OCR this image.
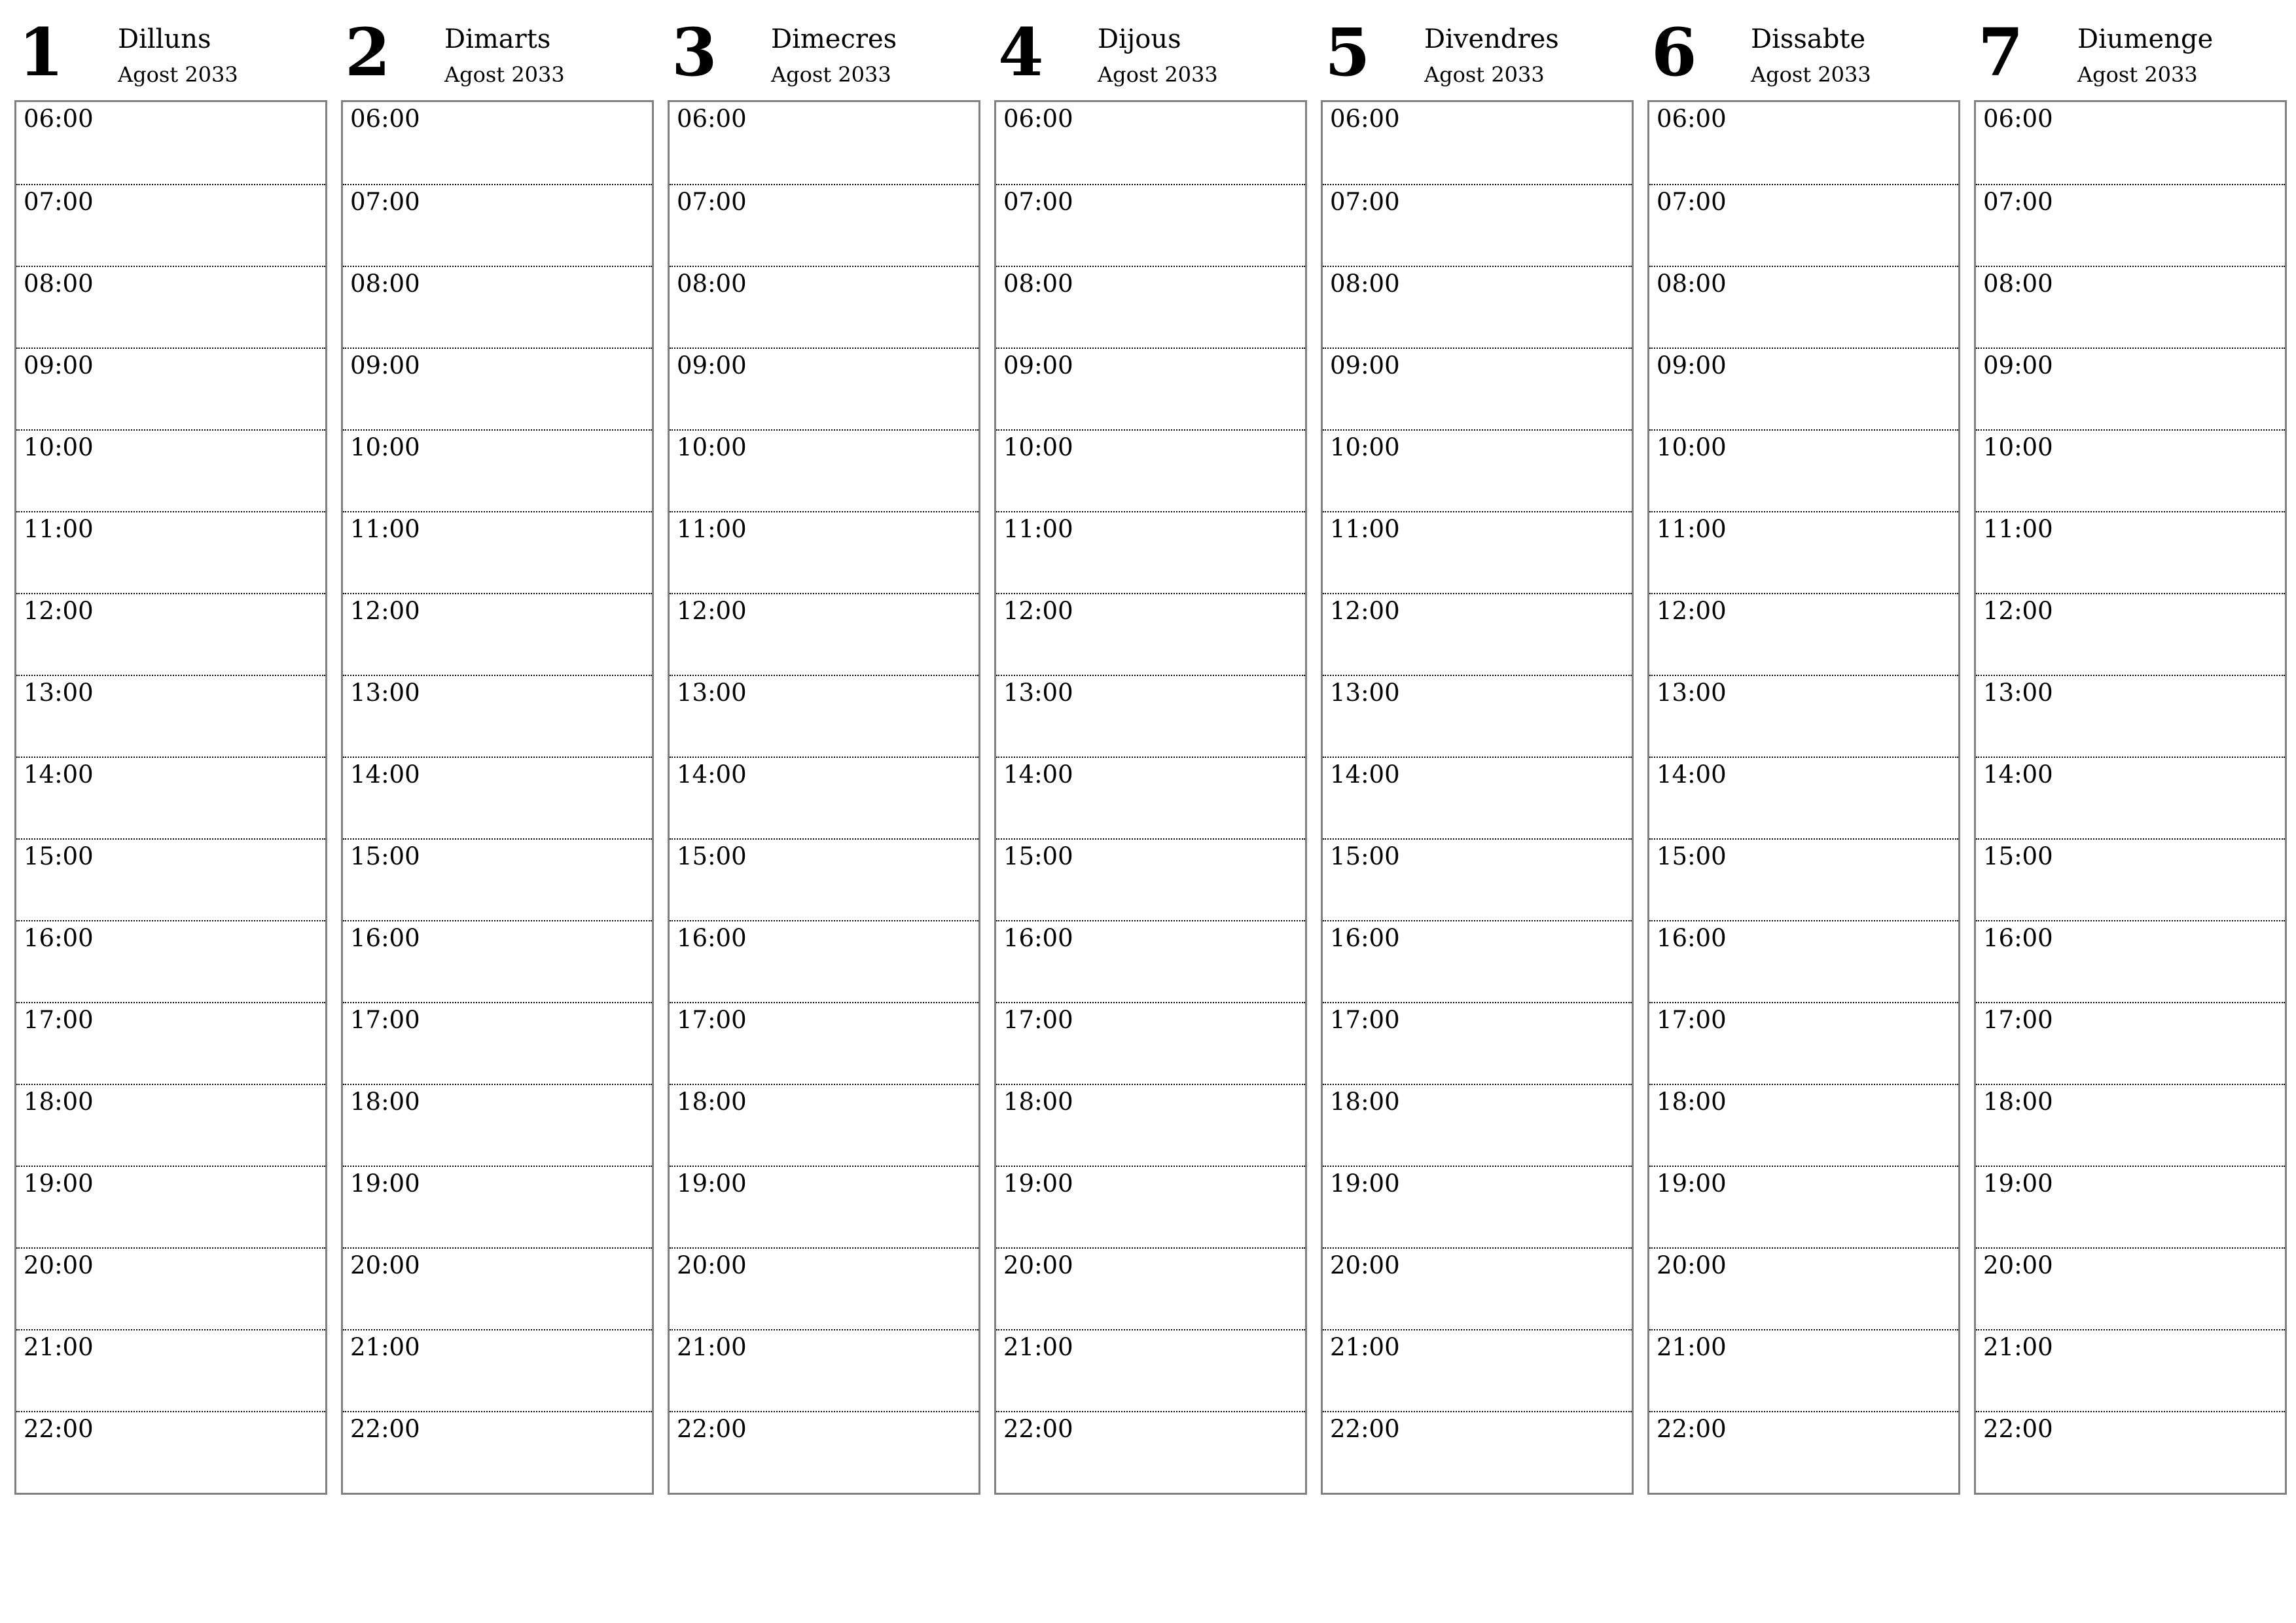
1 Dilluns
Agost 2033
06:00
07:00
08:00
09:00
10:00
11:00
12:00
13:00
14:00
15:00
16:00
17:00
18:00
19:00
20:00
21:00
22:00
2 Dimarts
Agost 2033
06:00
07:00
08:00
09:00
10:00
11:00
12:00
13:00
14:00
15:00
16:00
17:00
18:00
19:00
20:00
21:00
22:00
3 Dimecres
Agost 2033
06:00
07:00
08:00
09:00
10:00
11:00
12:00
13:00
14:00
15:00
16:00
17:00
18:00
19:00
20:00
21:00
22:00
4 Dijous
Agost 2033
06:00
07:00
08:00
09:00
10:00
11:00
12:00
13:00
14:00
15:00
16:00
17:00
18:00
19:00
20:00
21:00
22:00
5 Divendres
Agost 2033
06:00
07:00
08:00
09:00
10:00
11:00
12:00
13:00
14:00
15:00
16:00
17:00
18:00
19:00
20:00
21:00
22:00
6 Dissabte
Agost 2033
06:00
07:00
08:00
09:00
10:00
11:00
12:00
13:00
14:00
15:00
16:00
17:00
18:00
19:00
20:00
21:00
22:00
7 Diumenge
Agost 2033
06:00
07:00
08:00
09:00
10:00
11:00
12:00
13:00
14:00
15:00
16:00
17:00
18:00
19:00
20:00
21:00
22:00
